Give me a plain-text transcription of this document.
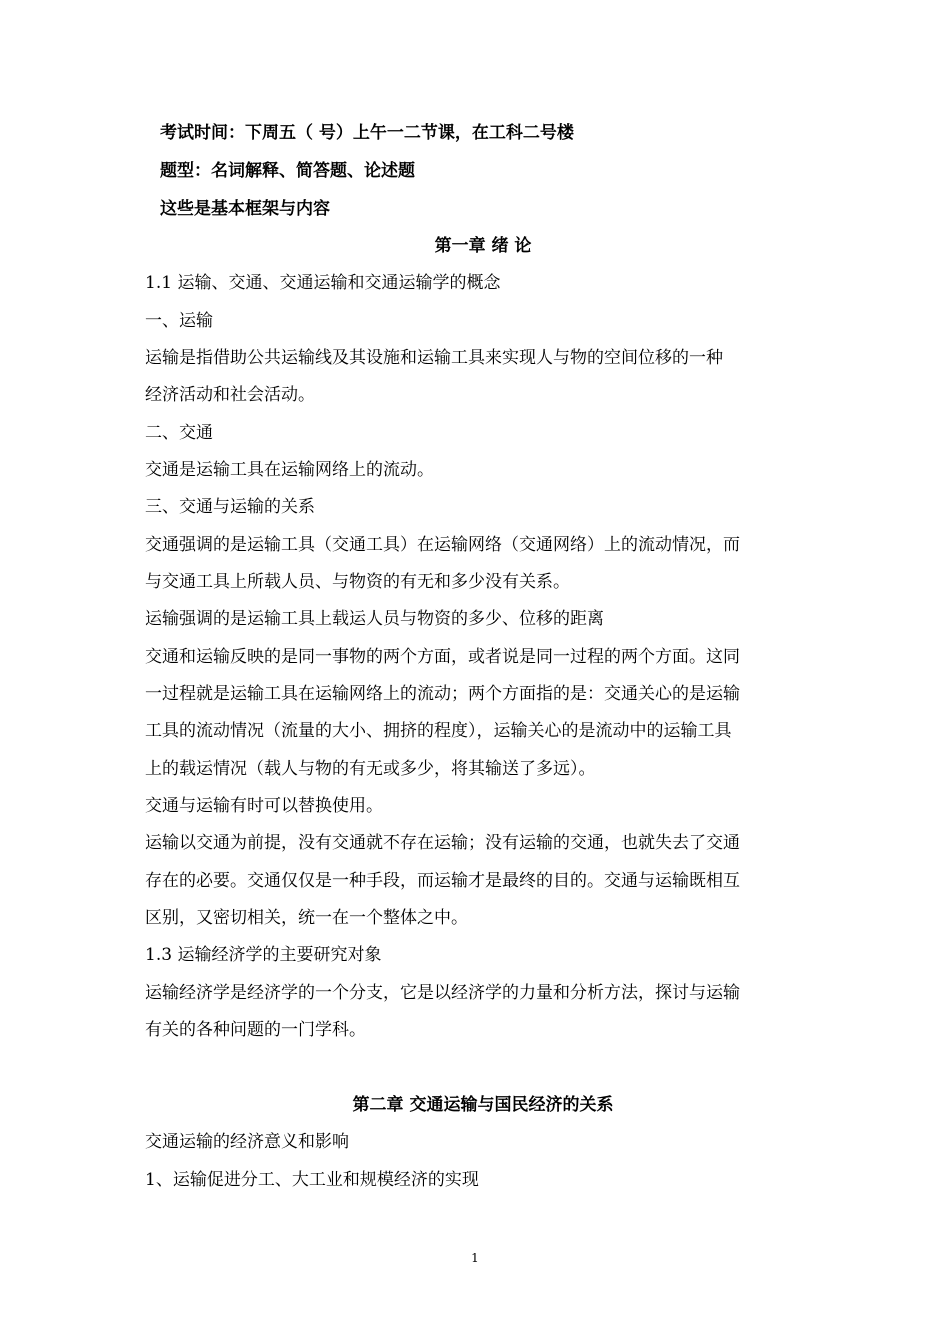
考试时间：下周五（ 号）上午一二节课，在工科二号楼
题型：名词解释、简答题、论述题
这些是基本框架与内容
第一章 绪 论
1.1 运输、交通、交通运输和交通运输学的概念
一、运输
运输是指借助公共运输线及其设施和运输工具来实现人与物的空间位移的一种
经济活动和社会活动。
二、交通
交通是运输工具在运输网络上的流动。
三、交通与运输的关系
交通强调的是运输工具（交通工具）在运输网络（交通网络）上的流动情况，而
与交通工具上所载人员、与物资的有无和多少没有关系。
运输强调的是运输工具上载运人员与物资的多少、位移的距离
交通和运输反映的是同一事物的两个方面，或者说是同一过程的两个方面。这同
一过程就是运输工具在运输网络上的流动；两个方面指的是：交通关心的是运输
工具的流动情况（流量的大小、拥挤的程度），运输关心的是流动中的运输工具
上的载运情况（载人与物的有无或多少，将其输送了多远）。
交通与运输有时可以替换使用。
运输以交通为前提，没有交通就不存在运输；没有运输的交通，也就失去了交通
存在的必要。交通仅仅是一种手段，而运输才是最终的目的。交通与运输既相互
区别，又密切相关，统一在一个整体之中。
1.3 运输经济学的主要研究对象
运输经济学是经济学的一个分支，它是以经济学的力量和分析方法，探讨与运输
有关的各种问题的一门学科。
第二章 交通运输与国民经济的关系
交通运输的经济意义和影响
1、运输促进分工、大工业和规模经济的实现
1
